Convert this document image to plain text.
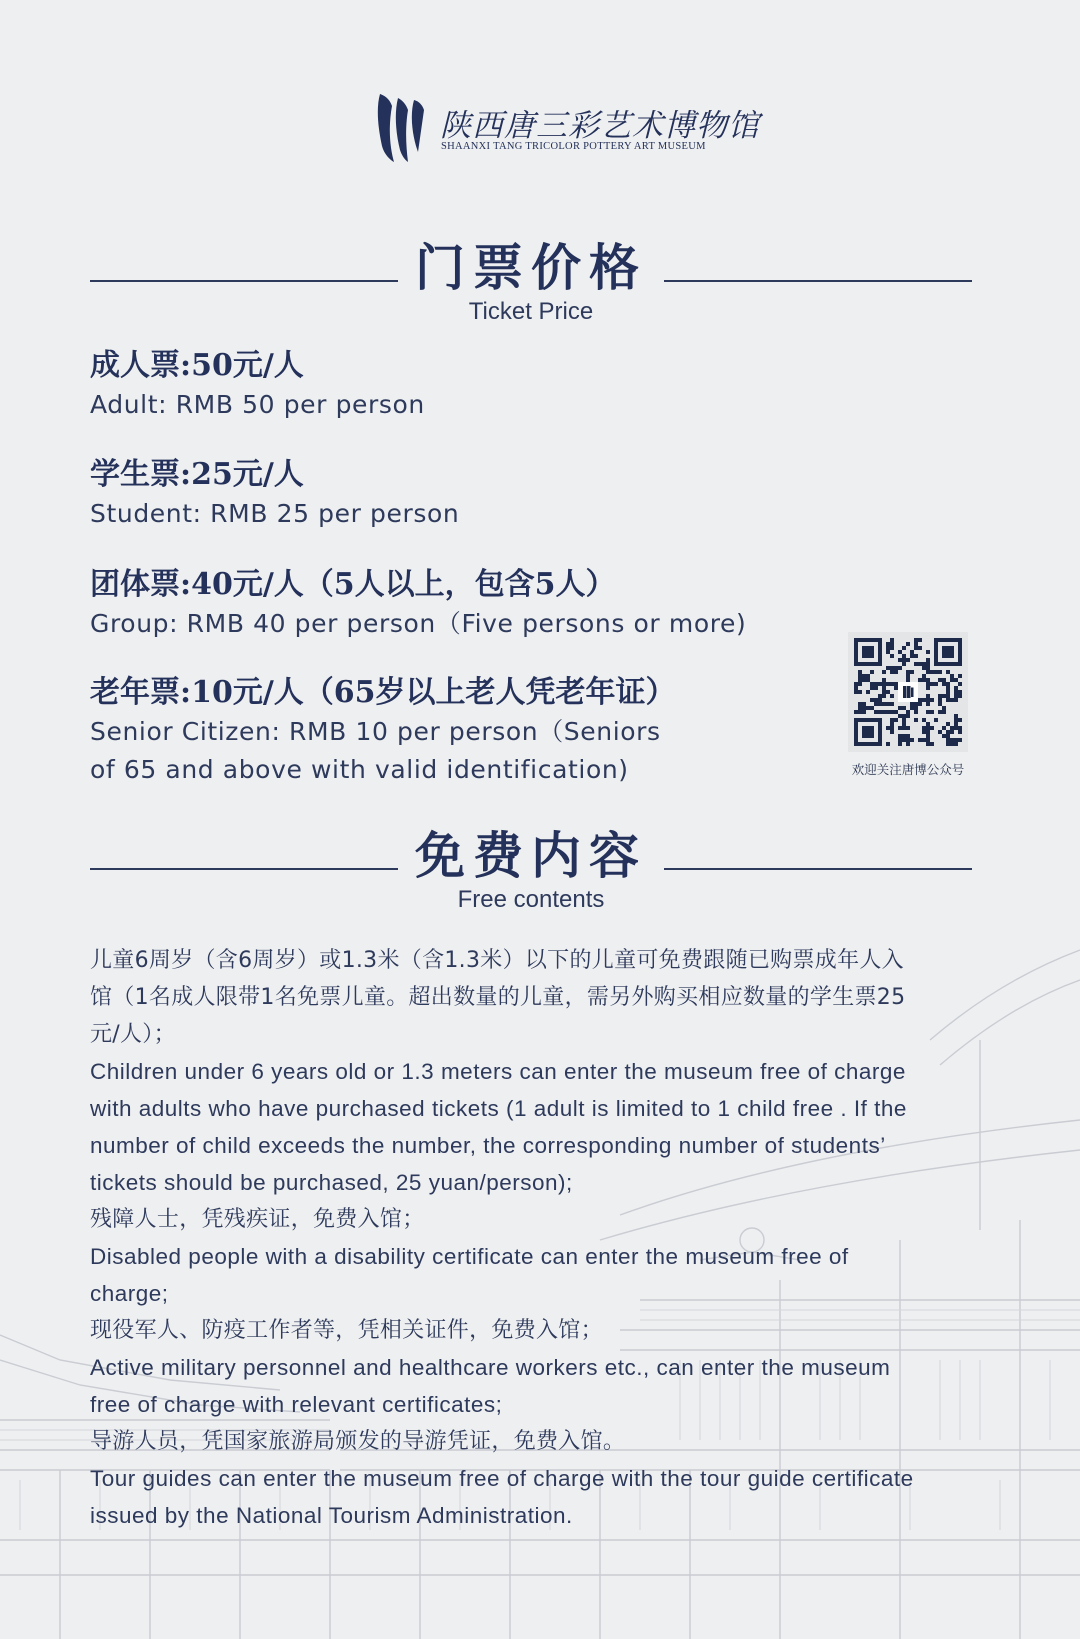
陕西唐三彩艺术博物馆
SHAANXI TANG TRICOLOR POTTERY ART MUSEUM
门票价格
Ticket Price
成人票:50元/人
Adult: RMB 50 per person
学生票:25元/人
Student: RMB 25 per person
团体票:40元/人（5人以上，包含5人）
Group: RMB 40 per person（Five persons or more)
老年票:10元/人（65岁以上老人凭老年证）
Senior Citizen: RMB 10 per person（Seniors
of 65 and above with valid identification)	欢迎关注唐博公众号
免费内容
Free contents

儿童6周岁（含6周岁）或1.3米（含1.3米）以下的儿童可免费跟随已购票成年人入

馆（1名成人限带1名免票儿童。超出数量的儿童，需另外购买相应数量的学生票25

元/人）；

Children under 6 years old or 1.3 meters can enter the museum free of charge

with adults who have purchased tickets (1 adult is limited to 1 child free . If the

number of child exceeds the number, the corresponding number of students’

tickets should be purchased, 25 yuan/person);

残障人士，凭残疾证，免费入馆；

Disabled people with a disability certificate can enter the museum free of

charge;

现役军人、防疫工作者等，凭相关证件，免费入馆；

Active military personnel and healthcare workers etc., can enter the museum

free of charge with relevant certificates;

导游人员，凭国家旅游局颁发的导游凭证，免费入馆。

Tour guides can enter the museum free of charge with the tour guide certificate

issued by the National Tourism Administration.
